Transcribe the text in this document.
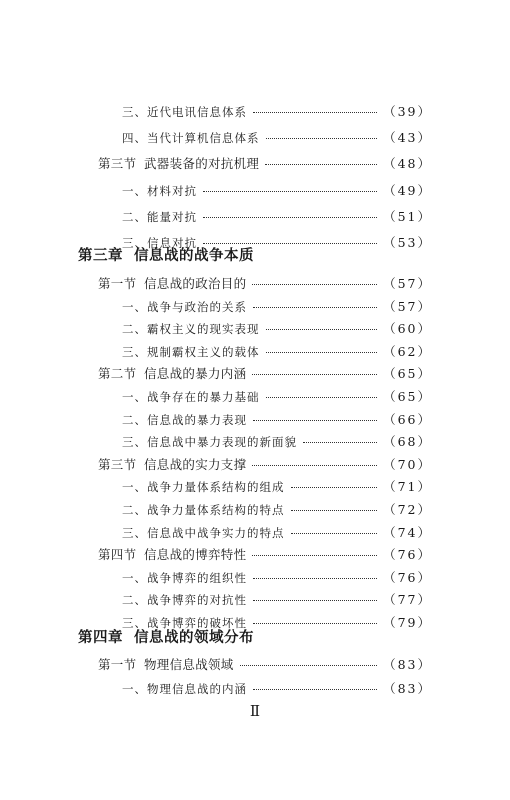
三、近代电讯信息体系	（39）
四、当代计算机信息体系	（43）
第三节 武器装备的对抗机理	（48）
一、材料对抗	（49）
二、能量对抗	（51）
三、信息对抗	（53）
第一节 信息战的政治目的	（57）
一、战争与政治的关系	（57）
二、霸权主义的现实表现	（60）
三、规制霸权主义的载体	（62）
第二节 信息战的暴力内涵	（65）
一、战争存在的暴力基础	（65）
二、信息战的暴力表现	（66）
三、信息战中暴力表现的新面貌	（68）
第三节 信息战的实力支撑	（70）
一、战争力量体系结构的组成	（71）
二、战争力量体系结构的特点	（72）
三、信息战中战争实力的特点	（74）
第四节 信息战的博弈特性	（76）
一、战争博弈的组织性	（76）
二、战争博弈的对抗性	（77）
三、战争博弈的破坏性	（79）
第一节 物理信息战领域	（83）
一、物理信息战的内涵	（83）
第三章 信息战的战争本质
第四章 信息战的领域分布
Ⅱ
